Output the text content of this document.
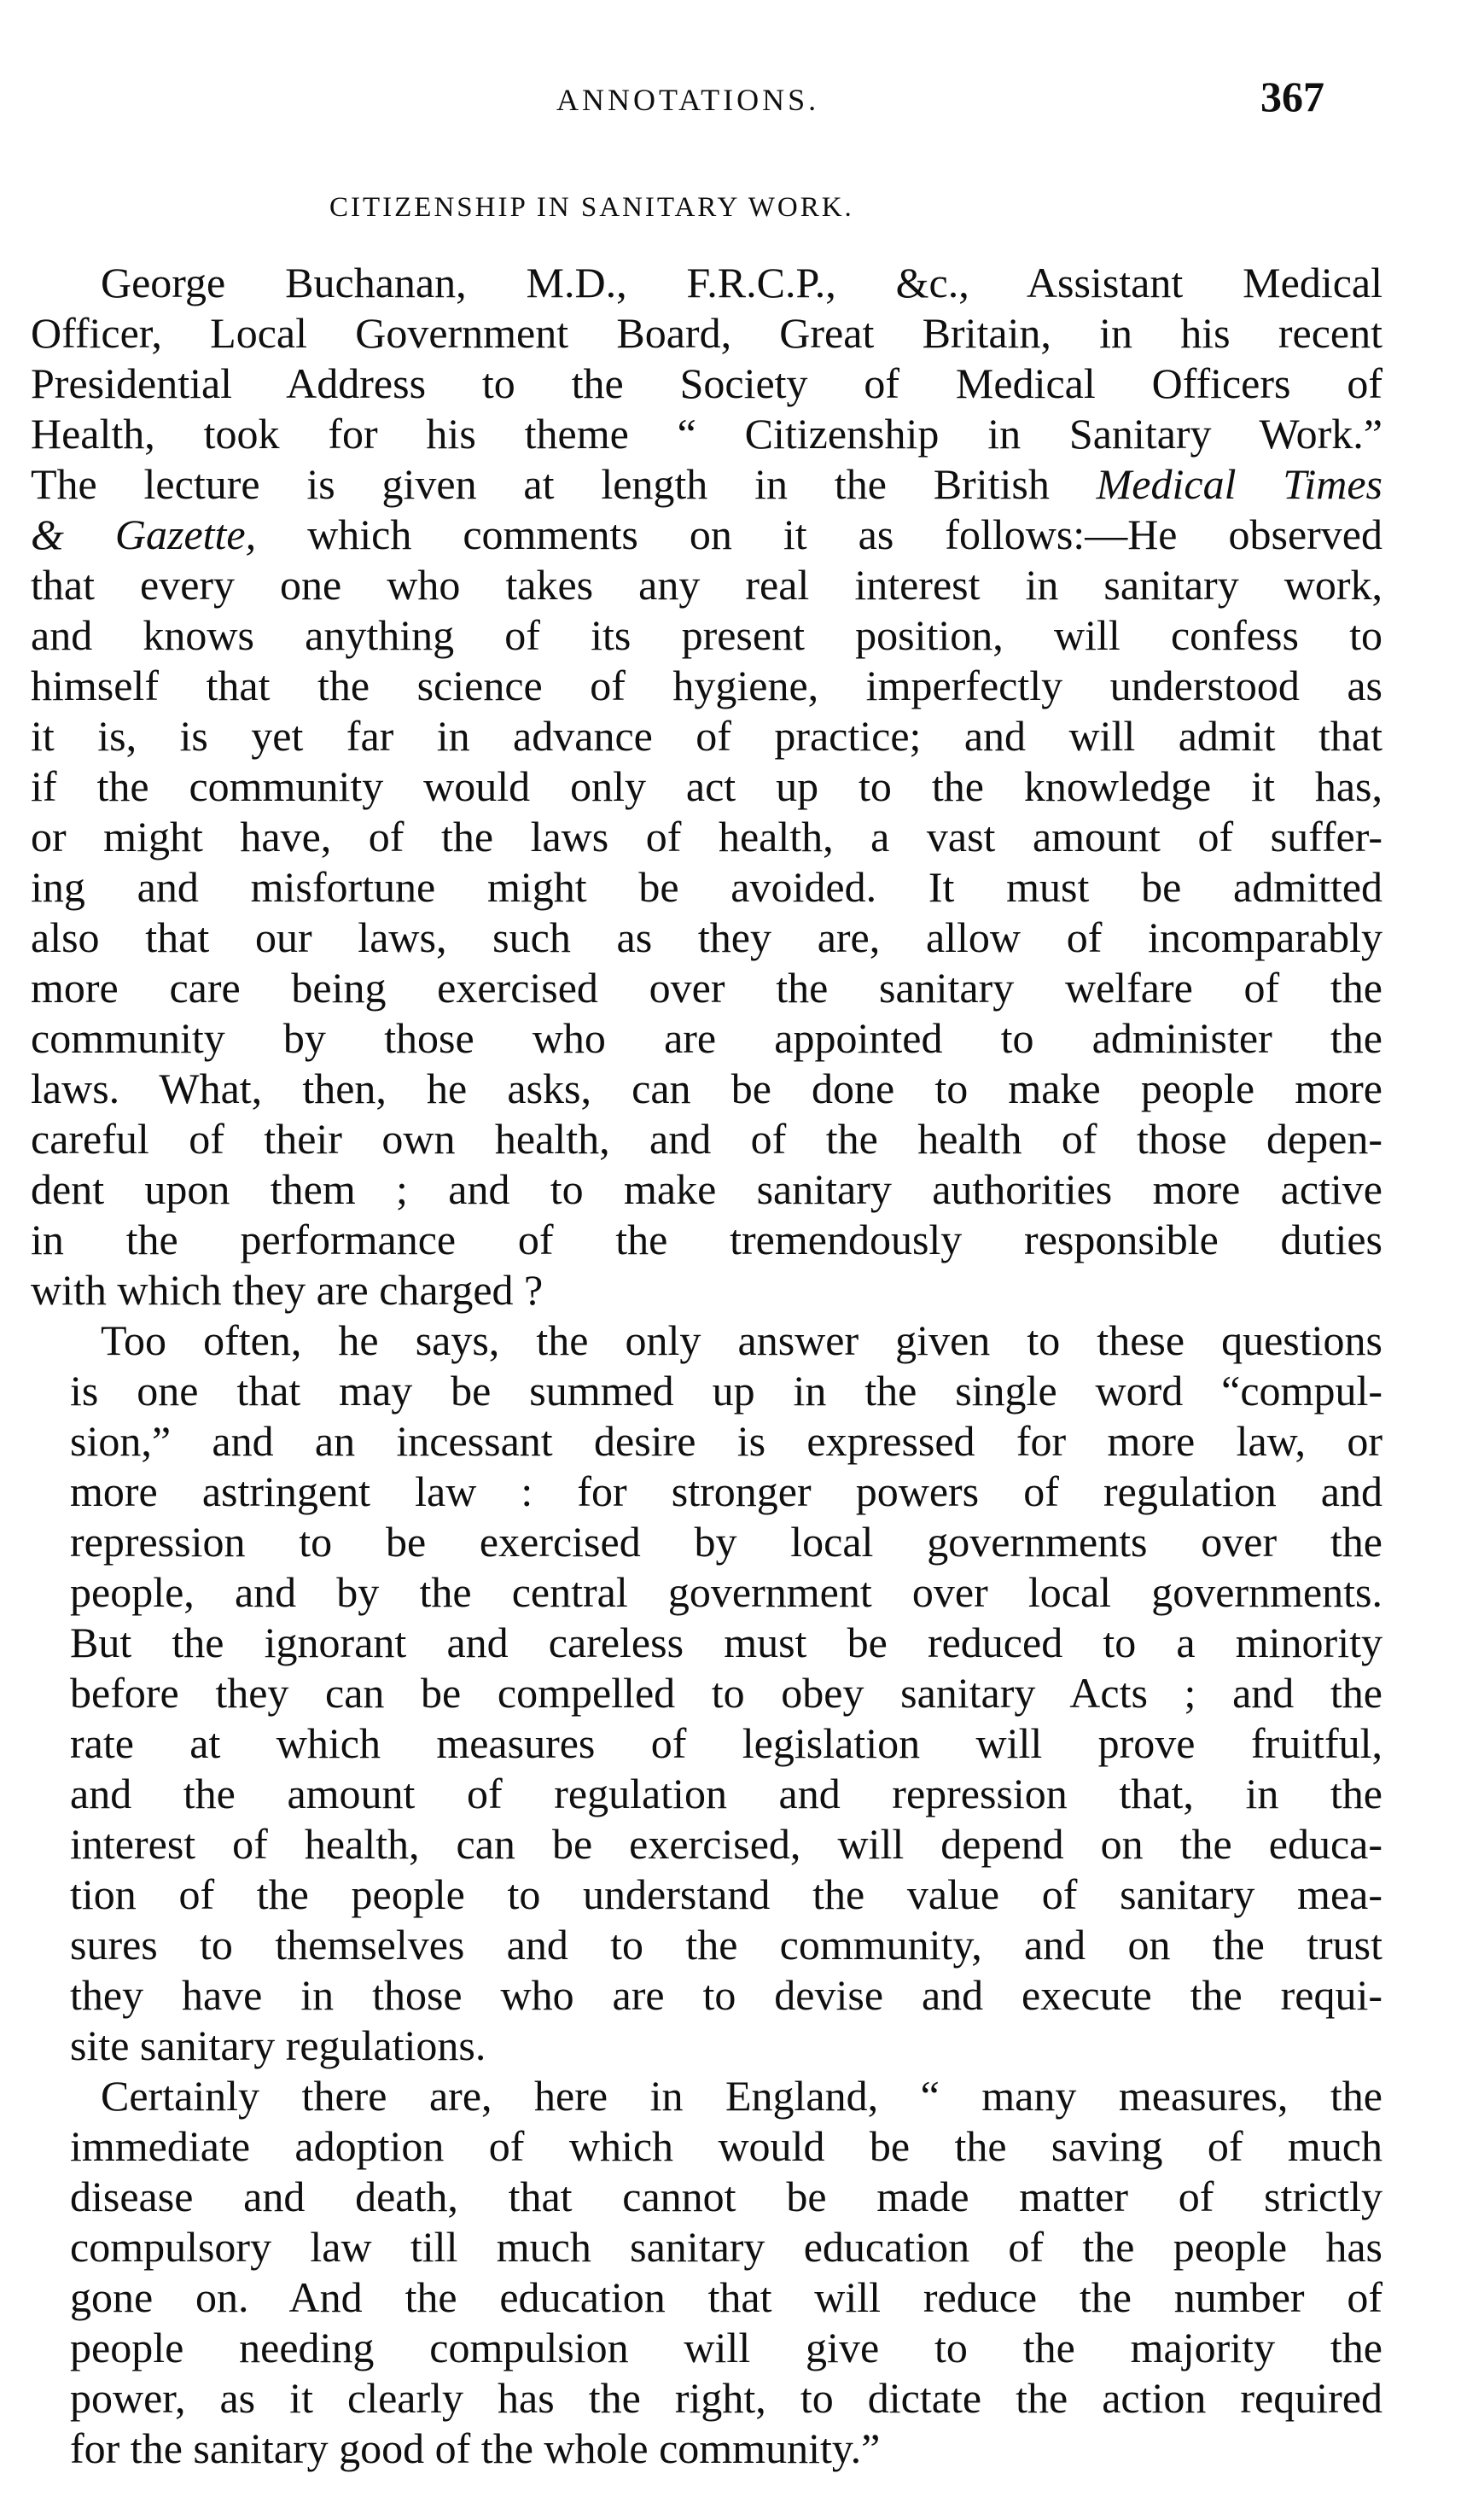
ANNOTATIONS.	367
CITIZENSHIP IN SANITARY WORK.
George Buchanan, M.D., F.R.C.P., &c., Assistant Medical
Officer, Local Government Board, Great Britain, in his recent
Presidential Address to the Society of Medical Officers of
Health, took for his theme “ Citizenship in Sanitary Work.”
The lecture is given at length in the British Medical Times
& Gazette, which comments on it as follows:—He observed
that every one who takes any real interest in sanitary work,
and knows anything of its present position, will confess to
himself that the science of hygiene, imperfectly understood as
it is, is yet far in advance of practice; and will admit that
if the community would only act up to the knowledge it has,
or might have, of the laws of health, a vast amount of suffer-
ing and misfortune might be avoided. It must be admitted
also that our laws, such as they are, allow of incomparably
more care being exercised over the sanitary welfare of the
community by those who are appointed to administer the
laws. What, then, he asks, can be done to make people more
careful of their own health, and of the health of those depen-
dent upon them ; and to make sanitary authorities more active
in the performance of the tremendously responsible duties
with which they are charged ?
Too often, he says, the only answer given to these questions
is one that may be summed up in the single word “compul-
sion,” and an incessant desire is expressed for more law, or
more astringent law : for stronger powers of regulation and
repression to be exercised by local governments over the
people, and by the central government over local governments.
But the ignorant and careless must be reduced to a minority
before they can be compelled to obey sanitary Acts ; and the
rate at which measures of legislation will prove fruitful,
and the amount of regulation and repression that, in the
interest of health, can be exercised, will depend on the educa-
tion of the people to understand the value of sanitary mea-
sures to themselves and to the community, and on the trust
they have in those who are to devise and execute the requi-
site sanitary regulations.
Certainly there are, here in England, “ many measures, the
immediate adoption of which would be the saving of much
disease and death, that cannot be made matter of strictly
compulsory law till much sanitary education of the people has
gone on. And the education that will reduce the number of
people needing compulsion will give to the majority the
power, as it clearly has the right, to dictate the action required
for the sanitary good of the whole community.”
